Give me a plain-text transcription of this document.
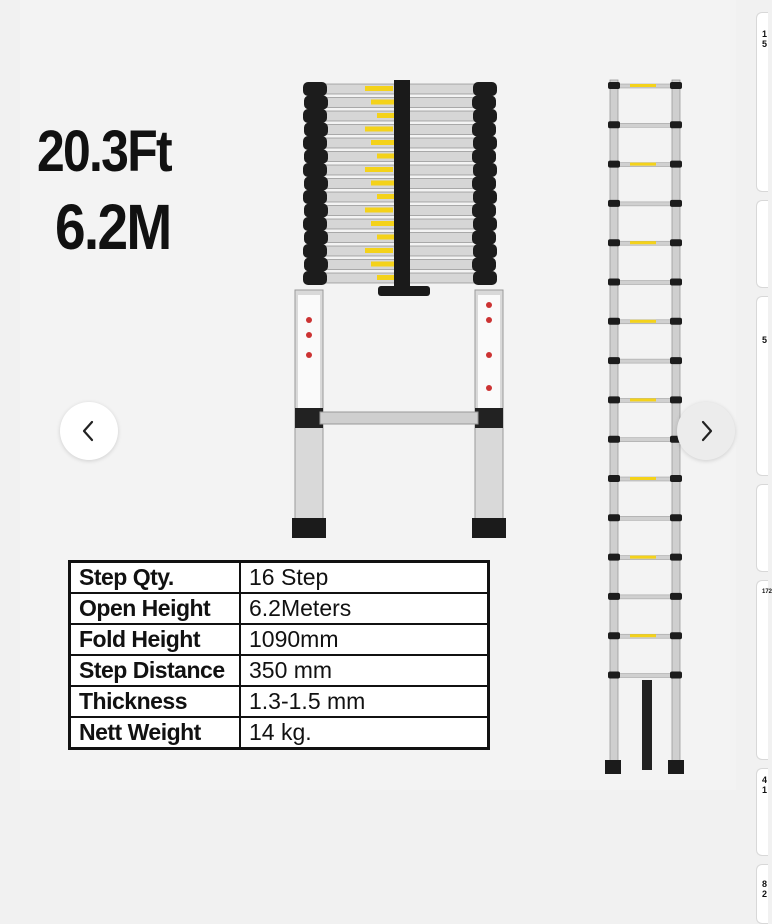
20.3Ft
6.2M
Step Qty.	16 Step
Open Height	6.2Meters
Fold Height	1090mm
Step Distance	350 mm
Thickness	1.3-1.5 mm
Nett Weight	14 kg.
1
5

5
172
4
1
8
2
